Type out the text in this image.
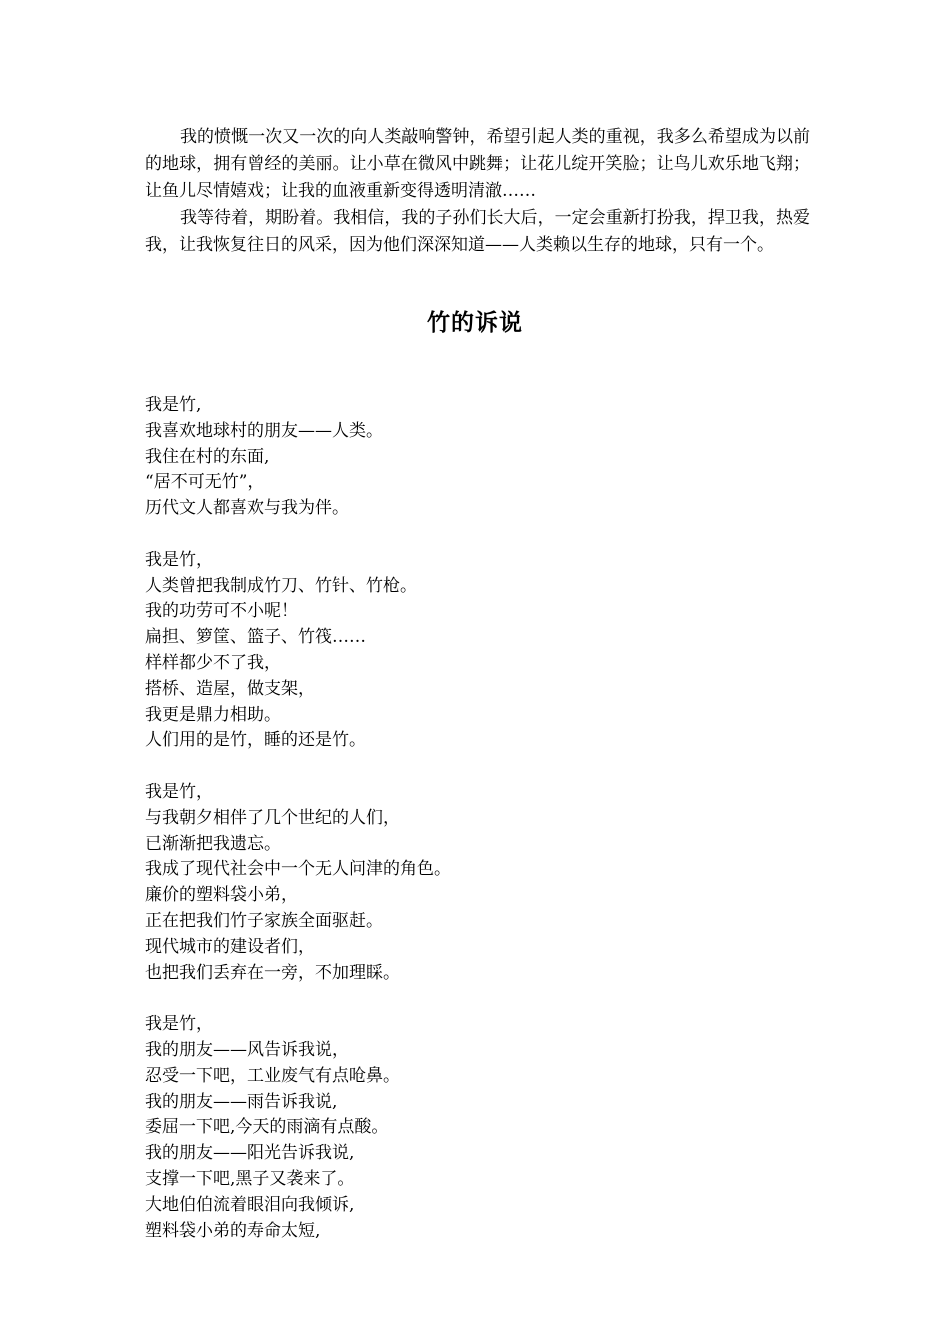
我的愤慨一次又一次的向人类敲响警钟，希望引起人类的重视，我多么希望成为以前的地球，拥有曾经的美丽。让小草在微风中跳舞；让花儿绽开笑脸；让鸟儿欢乐地飞翔；让鱼儿尽情嬉戏；让我的血液重新变得透明清澈……

我等待着，期盼着。我相信，我的子孙们长大后，一定会重新打扮我，捍卫我，热爱我，让我恢复往日的风采，因为他们深深知道——人类赖以生存的地球，只有一个。

竹的诉说
我是竹,
我喜欢地球村的朋友——人类。
我住在村的东面,
“居不可无竹”，
历代文人都喜欢与我为伴。
我是竹，
人类曾把我制成竹刀、竹针、竹枪。
我的功劳可不小呢！
扁担、箩筐、篮子、竹筏……
样样都少不了我，
搭桥、造屋，做支架，
我更是鼎力相助。
人们用的是竹，睡的还是竹。
我是竹，
与我朝夕相伴了几个世纪的人们，
已渐渐把我遗忘。
我成了现代社会中一个无人问津的角色。
廉价的塑料袋小弟，
正在把我们竹子家族全面驱赶。
现代城市的建设者们，
也把我们丢弃在一旁，不加理睬。
我是竹，
我的朋友——风告诉我说，
忍受一下吧，工业废气有点呛鼻。
我的朋友——雨告诉我说,
委屈一下吧,今天的雨滴有点酸。
我的朋友——阳光告诉我说,
支撑一下吧,黑子又袭来了。
大地伯伯流着眼泪向我倾诉,
塑料袋小弟的寿命太短,
